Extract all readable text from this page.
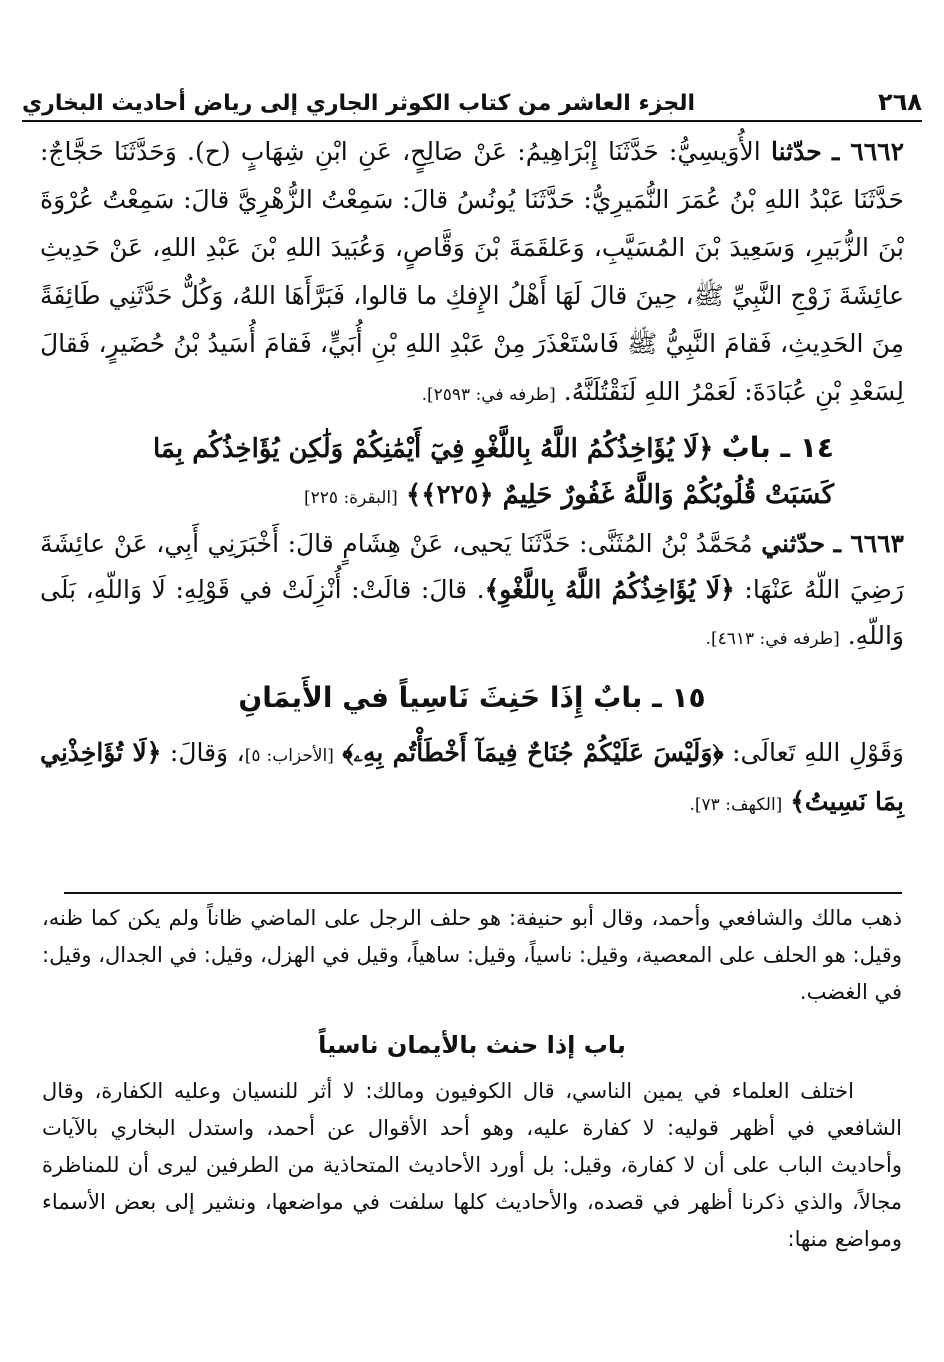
٢٦٨
الجزء العاشر من كتاب الكوثر الجاري إلى رياض أحاديث البخاري

٦٦٦٢ ـ حدّثنا الأُوَيسِيُّ: حَدَّثَنَا إِبْرَاهِيمُ: عَنْ صَالِحٍ، عَنِ ابْنِ شِهَابٍ (ح). وَحَدَّثَنَا حَجَّاجٌ: حَدَّثَنَا عَبْدُ اللهِ بْنُ عُمَرَ النُّمَيرِيُّ: حَدَّثَنَا يُونُسُ قالَ: سَمِعْتُ الزُّهْرِيَّ قالَ: سَمِعْتُ عُرْوَةَ بْنَ الزُّبَيرِ، وَسَعِيدَ بْنَ المُسَيَّبِ، وَعَلقَمَةَ بْنَ وَقَّاصٍ، وَعُبَيدَ اللهِ بْنَ عَبْدِ اللهِ، عَنْ حَدِيثِ عائِشَةَ زَوْجِ النَّبِيِّ ﷺ، حِينَ قالَ لَهَا أَهْلُ الإِفكِ ما قالوا، فَبَرَّأَهَا اللهُ، وَكُلٌّ حَدَّثَنِي طَائِفَةً مِنَ الحَدِيثِ، فَقامَ النَّبِيُّ ﷺ فَاسْتَعْذَرَ مِنْ عَبْدِ اللهِ بْنِ أُبَيٍّ، فَقامَ أُسَيدُ بْنُ حُضَيرٍ، فَقالَ لِسَعْدِ بْنِ عُبَادَةَ: لَعَمْرُ اللهِ لَنَقْتُلَنَّهُ. [طرفه في: ٢٥٩٣].

١٤ ـ بابٌ ﴿لَا يُؤَاخِذُكُمُ اللَّهُ بِاللَّغْوِ فِيٓ أَيْمَٰنِكُمْ وَلَٰكِن يُؤَاخِذُكُم بِمَا كَسَبَتْ قُلُوبُكُمْ وَاللَّهُ غَفُورٌ حَلِيمٌ ﴿٢٢٥﴾﴾ [البقرة: ٢٢٥]

٦٦٦٣ ـ حدّثني مُحَمَّدُ بْنُ المُثَنَّى: حَدَّثَنَا يَحيى، عَنْ هِشَامٍ قالَ: أَخْبَرَنِي أَبِي، عَنْ عائِشَةَ رَضِيَ اللّهُ عَنْهَا: ﴿لَا يُؤَاخِذُكُمُ اللَّهُ بِاللَّغْوِ﴾. قالَ: قالَتْ: أُنْزِلَتْ في قَوْلِهِ: لَا وَاللّهِ، بَلَى وَاللّهِ. [طرفه في: ٤٦١٣].

١٥ ـ بابٌ إِذَا حَنِثَ نَاسِياً في الأَيمَانِ

وَقَوْلِ اللهِ تَعالَى: ﴿وَلَيْسَ عَلَيْكُمْ جُنَاحٌ فِيمَآ أَخْطَأْتُم بِهِۦ﴾ [الأحزاب: ٥]، وَقالَ: ﴿لَا تُؤَاخِذْنِي بِمَا نَسِيتُ﴾ [الكهف: ٧٣].

ذهب مالك والشافعي وأحمد، وقال أبو حنيفة: هو حلف الرجل على الماضي ظاناً ولم يكن كما ظنه، وقيل: هو الحلف على المعصية، وقيل: ناسياً، وقيل: ساهياً، وقيل في الهزل، وقيل: في الجدال، وقيل: في الغضب.

باب إذا حنث بالأيمان ناسياً

اختلف العلماء في يمين الناسي، قال الكوفيون ومالك: لا أثر للنسيان وعليه الكفارة، وقال الشافعي في أظهر قوليه: لا كفارة عليه، وهو أحد الأقوال عن أحمد، واستدل البخاري بالآيات وأحاديث الباب على أن لا كفارة، وقيل: بل أورد الأحاديث المتحاذية من الطرفين ليرى أن للمناظرة مجالاً، والذي ذكرنا أظهر في قصده، والأحاديث كلها سلفت في مواضعها، ونشير إلى بعض الأسماء ومواضع منها:
